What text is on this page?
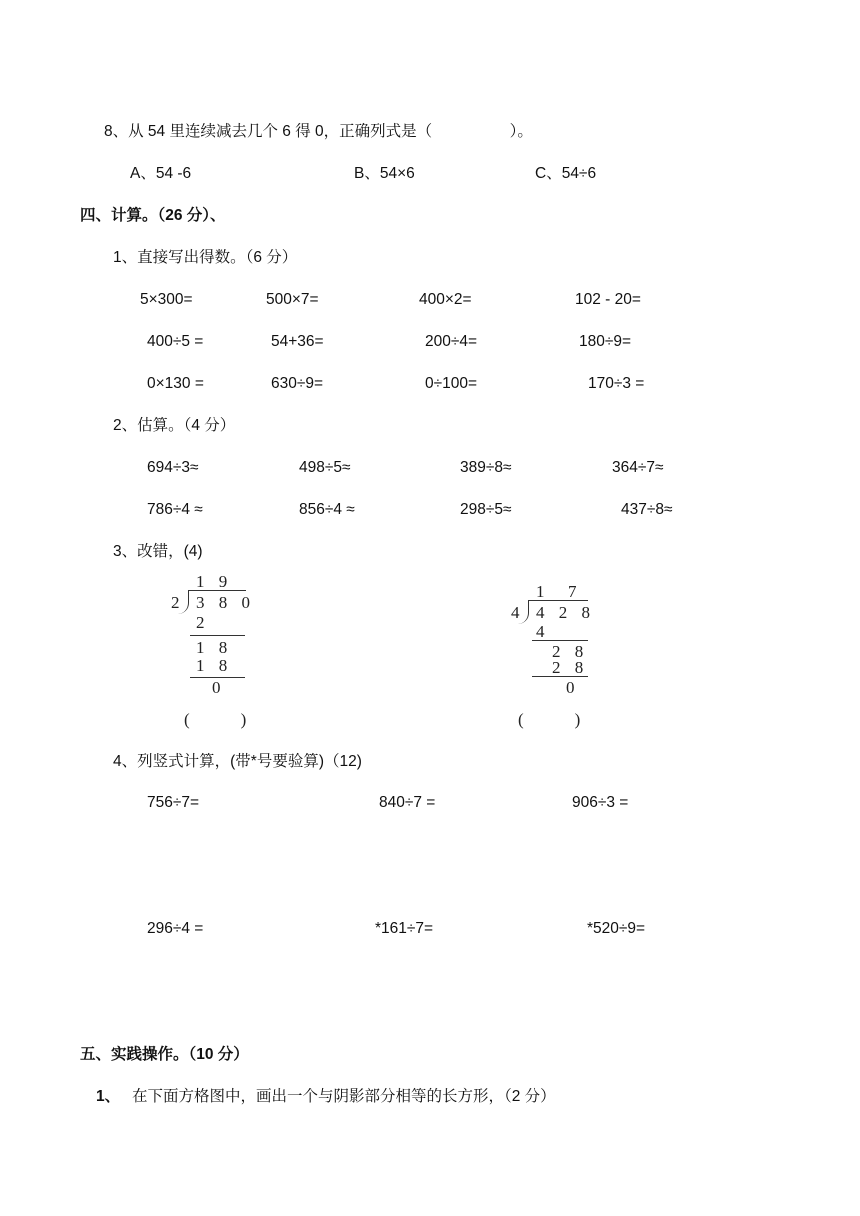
8、从 54 里连续减去几个 6 得 0，正确列式是（　　　　　）。
A、54 -6	B、54×6	C、54÷6
四、计算。（26 分）、
1、直接写出得数。（6 分）
5×300=	500×7=	400×2=	102 - 20=
400÷5 =	54+36=	200÷4=	180÷9=
0×130 =	630÷9=	0÷100=	170÷3 =
2、估算。（4 分）
694÷3≈	498÷5≈	389÷8≈	364÷7≈
786÷4 ≈	856÷4 ≈	298÷5≈	437÷8≈
3、改错，(4)
1 9
2 3 8 0
2
1 8
1 8
0
(　　　)
1  7
4 4 2 8
4
2 8
2 8
0
(　　　)
4、列竖式计算，(带*号要验算)（12)
756÷7=	840÷7 =	906÷3 =
296÷4 =	*161÷7=	*520÷9=
五、实践操作。（10 分）
1、 在下面方格图中，画出一个与阴影部分相等的长方形，（2 分）
